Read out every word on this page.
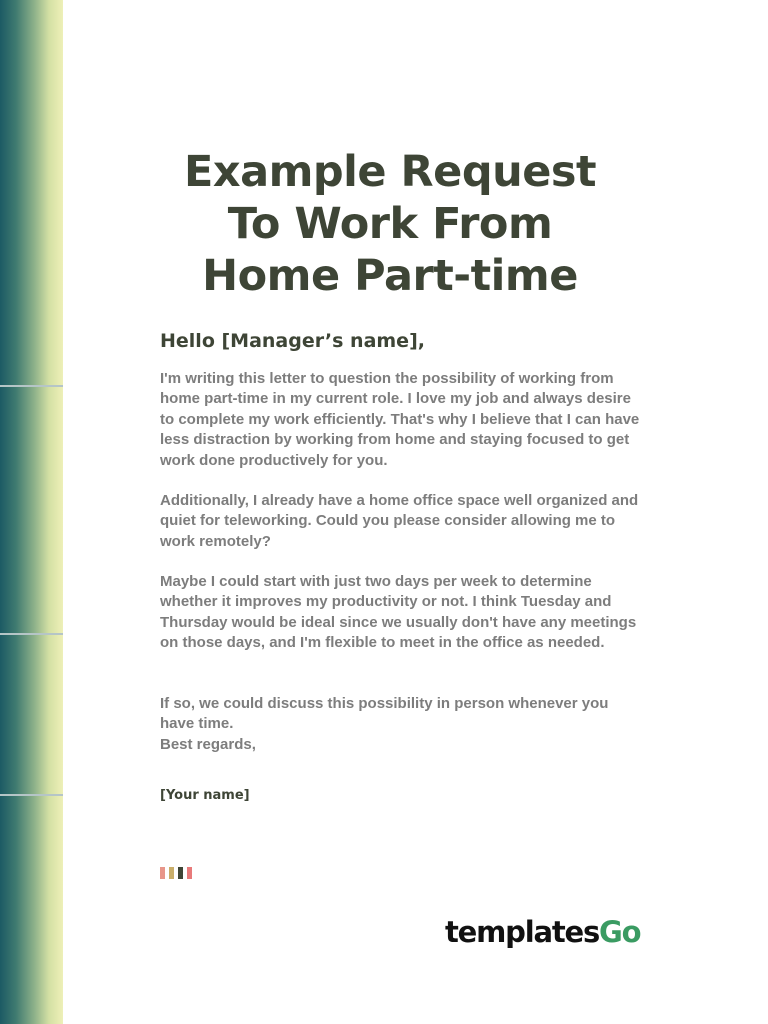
Example Request
To Work From
Home Part-time

Hello [Manager’s name],

I'm writing this letter to question the possibility of working from home part-time in my current role. I love my job and always desire to complete my work efficiently. That's why I believe that I can have less distraction by working from home and staying focused to get work done productively for you.

Additionally, I already have a home office space well organized and quiet for teleworking. Could you please consider allowing me to work remotely?

Maybe I could start with just two days per week to determine whether it improves my productivity or not. I think Tuesday and Thursday would be ideal since we usually don't have any meetings on those days, and I'm flexible to meet in the office as needed.

If so, we could discuss this possibility in person whenever you have time.

Best regards,

[Your name]

templatesGo
